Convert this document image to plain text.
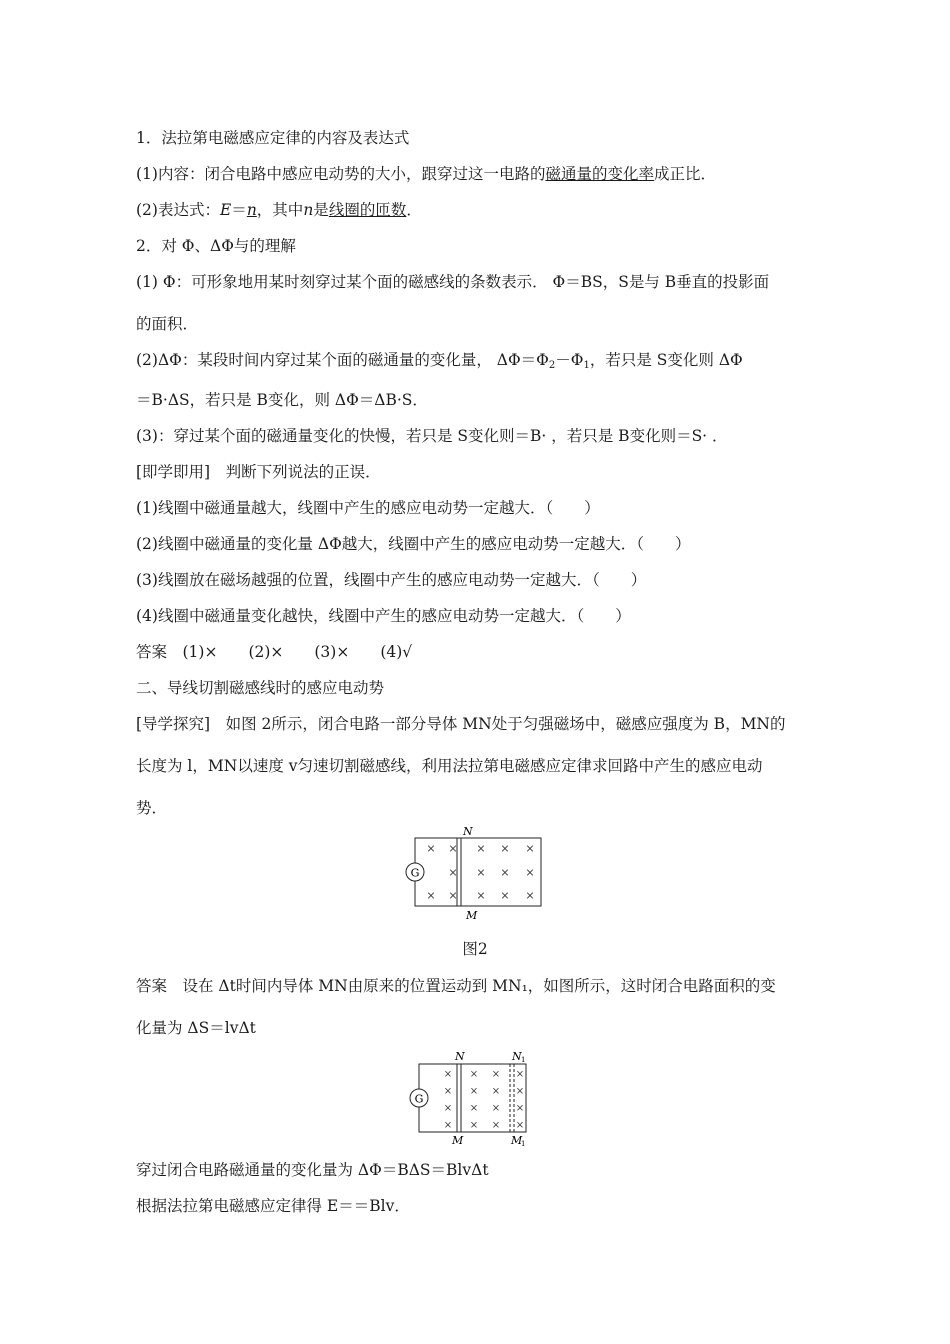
1．法拉第电磁感应定律的内容及表达式
(1)内容：闭合电路中感应电动势的大小，跟穿过这一电路的磁通量的变化率成正比．
(2)表达式：E＝n，其中n是线圈的匝数．
2．对 Φ、ΔΦ与的理解
(1) Φ：可形象地用某时刻穿过某个面的磁感线的条数表示． Φ＝BS，S是与 B垂直的投影面
的面积．
(2)ΔΦ：某段时间内穿过某个面的磁通量的变化量， $\Delta\Phi=\Phi_2-\Phi_1$，若只是 S变化则 ΔΦ
＝B·ΔS，若只是 B变化，则 ΔΦ＝ΔB·S．
(3)：穿过某个面的磁通量变化的快慢，若只是 S变化则＝B· ，若只是 B变化则＝S· ．
[即学即用]　判断下列说法的正误．
(1)线圈中磁通量越大，线圈中产生的感应电动势一定越大．（　　）
(2)线圈中磁通量的变化量 ΔΦ越大，线圈中产生的感应电动势一定越大．（　　）
(3)线圈放在磁场越强的位置，线圈中产生的感应电动势一定越大．（　　）
(4)线圈中磁通量变化越快，线圈中产生的感应电动势一定越大．（　　）
答案　(1)×　　(2)×　　(3)×　　(4)√
二、导线切割磁感线时的感应电动势
[导学探究]　如图 2所示，闭合电路一部分导体 MN处于匀强磁场中，磁感应强度为 B，MN的
长度为 l，MN以速度 v匀速切割磁感线，利用法拉第电磁感应定律求回路中产生的感应电动
势．
G
N
M
× × × × ×
× × × ×
× × × × ×
图2
答案　设在 Δt时间内导体 MN由原来的位置运动到 MN₁，如图所示，这时闭合电路面积的变
化量为 ΔS＝lvΔt
G
N
M
N 1
M
1
× × × ×
× × × ×
× × × ×
× × × ×
穿过闭合电路磁通量的变化量为 ΔΦ＝BΔS＝BlvΔt
根据法拉第电磁感应定律得 E＝＝Blv．
